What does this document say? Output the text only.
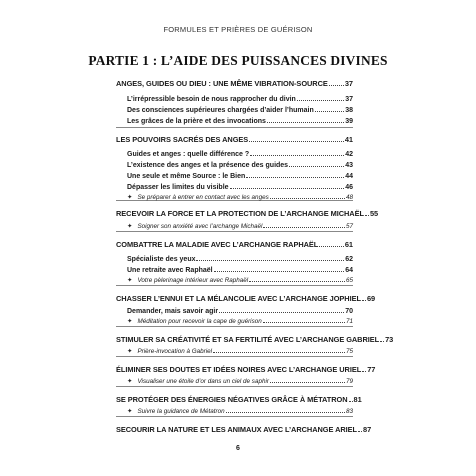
FORMULES ET PRIÈRES DE GUÉRISON
PARTIE 1 : L’AIDE DES PUISSANCES DIVINES
ANGES, GUIDES OU DIEU : UNE MÊME VIBRATION-SOURCE 37
L’irrépressible besoin de nous rapprocher du divin	37
Des consciences supérieures chargées d’aider l’humain	38
Les grâces de la prière et des invocations	39
LES POUVOIRS SACRÉS DES ANGES	41
Guides et anges : quelle différence ?	42
L’existence des anges et la présence des guides	43
Une seule et même Source : le Bien	44
Dépasser les limites du visible	46
✦ Se préparer à entrer en contact avec les anges	48
RECEVOIR LA FORCE ET LA PROTECTION DE L’ARCHANGE MICHAËL 55
✦ Soigner son anxiété avec l’archange Michaël	57
COMBATTRE LA MALADIE AVEC L’ARCHANGE RAPHAËL	61
Spécialiste des yeux	62
Une retraite avec Raphaël	64
✦ Votre pèlerinage intérieur avec Raphaël	65
CHASSER L’ENNUI ET LA MÉLANCOLIE AVEC L’ARCHANGE JOPHIEL 69
Demander, mais savoir agir	70
✦ Méditation pour recevoir la cape de guérison	71
STIMULER SA CRÉATIVITÉ ET SA FERTILITÉ AVEC L’ARCHANGE GABRIEL 73
✦ Prière-invocation à Gabriel	75
ÉLIMINER SES DOUTES ET IDÉES NOIRES AVEC L’ARCHANGE URIEL 77
✦ Visualiser une étoile d’or dans un ciel de saphir	79
SE PROTÉGER DES ÉNERGIES NÉGATIVES GRÂCE À MÉTATRON 81
✦ Suivre la guidance de Métatron	83
SECOURIR LA NATURE ET LES ANIMAUX AVEC L’ARCHANGE ARIEL 87
6
